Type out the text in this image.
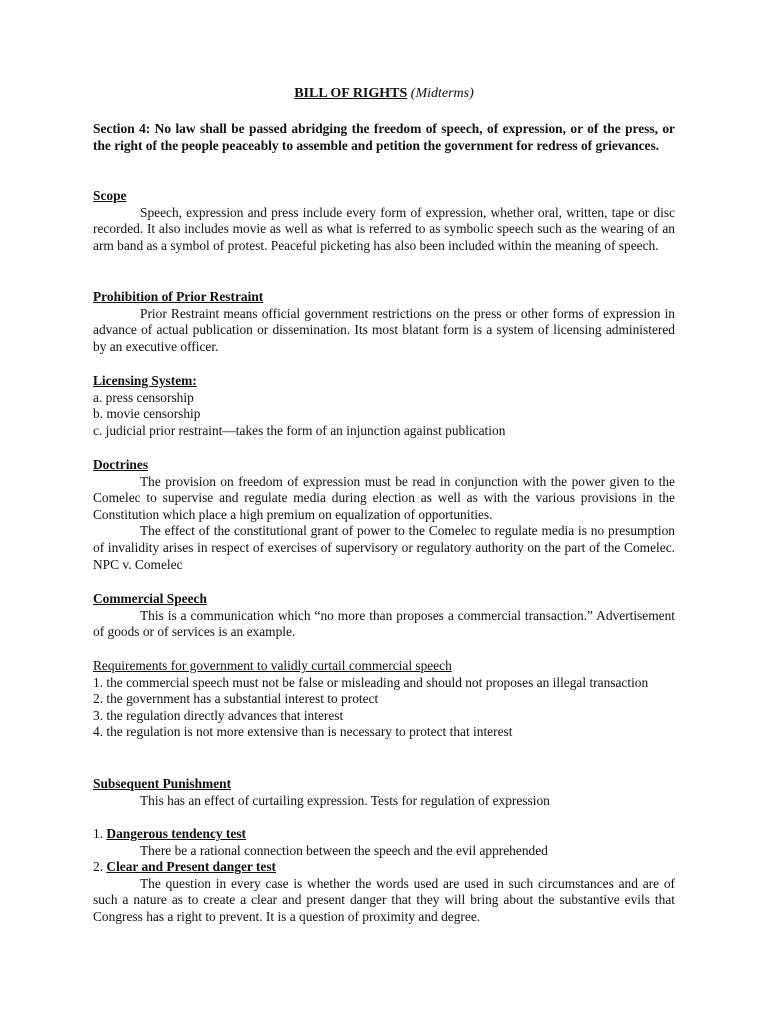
BILL OF RIGHTS (Midterms)
Section 4: No law shall be passed abridging the freedom of speech, of expression, or of the press, or the right of the people peaceably to assemble and petition the government for redress of grievances.
Scope

Speech, expression and press include every form of expression, whether oral, written, tape or disc recorded. It also includes movie as well as what is referred to as symbolic speech such as the wearing of an arm band as a symbol of protest. Peaceful picketing has also been included within the meaning of speech.

Prohibition of Prior Restraint

Prior Restraint means official government restrictions on the press or other forms of expression in advance of actual publication or dissemination. Its most blatant form is a system of licensing administered by an executive officer.

Licensing System:
a. press censorship
b. movie censorship
c. judicial prior restraint—takes the form of an injunction against publication
Doctrines

The provision on freedom of expression must be read in conjunction with the power given to the Comelec to supervise and regulate media during election as well as with the various provisions in the Constitution which place a high premium on equalization of opportunities.

The effect of the constitutional grant of power to the Comelec to regulate media is no presumption of invalidity arises in respect of exercises of supervisory or regulatory authority on the part of the Comelec. NPC v. Comelec

Commercial Speech

This is a communication which “no more than proposes a commercial transaction.” Advertisement of goods or of services is an example.

Requirements for government to validly curtail commercial speech
1. the commercial speech must not be false or misleading and should not proposes an illegal transaction
2. the government has a substantial interest to protect
3. the regulation directly advances that interest
4. the regulation is not more extensive than is necessary to protect that interest
Subsequent Punishment
This has an effect of curtailing expression. Tests for regulation of expression
1. Dangerous tendency test
There be a rational connection between the speech and the evil apprehended
2. Clear and Present danger test

The question in every case is whether the words used are used in such circumstances and are of such a nature as to create a clear and present danger that they will bring about the substantive evils that Congress has a right to prevent. It is a question of proximity and degree.
